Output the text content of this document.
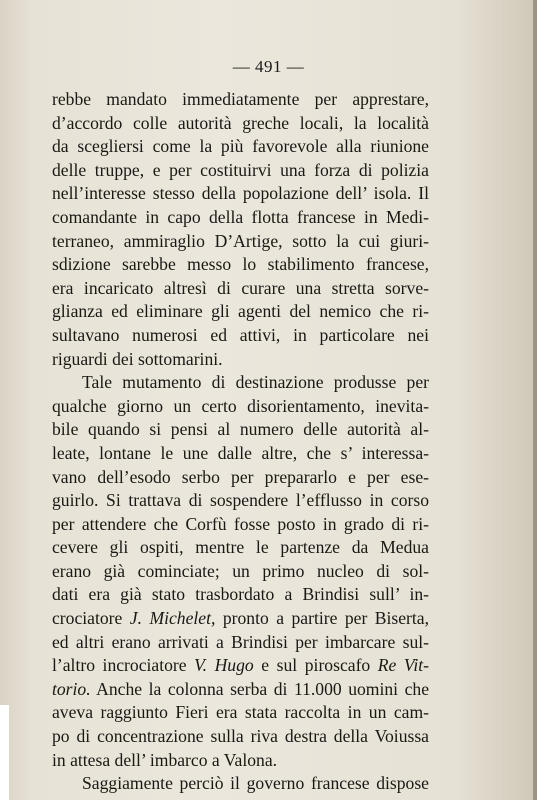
— 491 —
rebbe mandato immediatamente per apprestare,
d’accordo colle autorità greche locali, la località
da scegliersi come la più favorevole alla riunione
delle truppe, e per costituirvi una forza di polizia
nell’interesse stesso della popolazione dell’ isola. Il
comandante in capo della flotta francese in Medi-
terraneo, ammiraglio D’Artige, sotto la cui giuri-
sdizione sarebbe messo lo stabilimento francese,
era incaricato altresì di curare una stretta sorve-
glianza ed eliminare gli agenti del nemico che ri-
sultavano numerosi ed attivi, in particolare nei
riguardi dei sottomarini.
Tale mutamento di destinazione produsse per
qualche giorno un certo disorientamento, inevita-
bile quando si pensi al numero delle autorità al-
leate, lontane le une dalle altre, che s’ interessa-
vano dell’esodo serbo per prepararlo e per ese-
guirlo. Si trattava di sospendere l’efflusso in corso
per attendere che Corfù fosse posto in grado di ri-
cevere gli ospiti, mentre le partenze da Medua
erano già cominciate; un primo nucleo di sol-
dati era già stato trasbordato a Brindisi sull’ in-
crociatore J. Michelet, pronto a partire per Biserta,
ed altri erano arrivati a Brindisi per imbarcare sul-
l’altro incrociatore V. Hugo e sul piroscafo Re Vit-
torio. Anche la colonna serba di 11.000 uomini che
aveva raggiunto Fieri era stata raccolta in un cam-
po di concentrazione sulla riva destra della Voiussa
in attesa dell’ imbarco a Valona.
Saggiamente perciò il governo francese dispose
